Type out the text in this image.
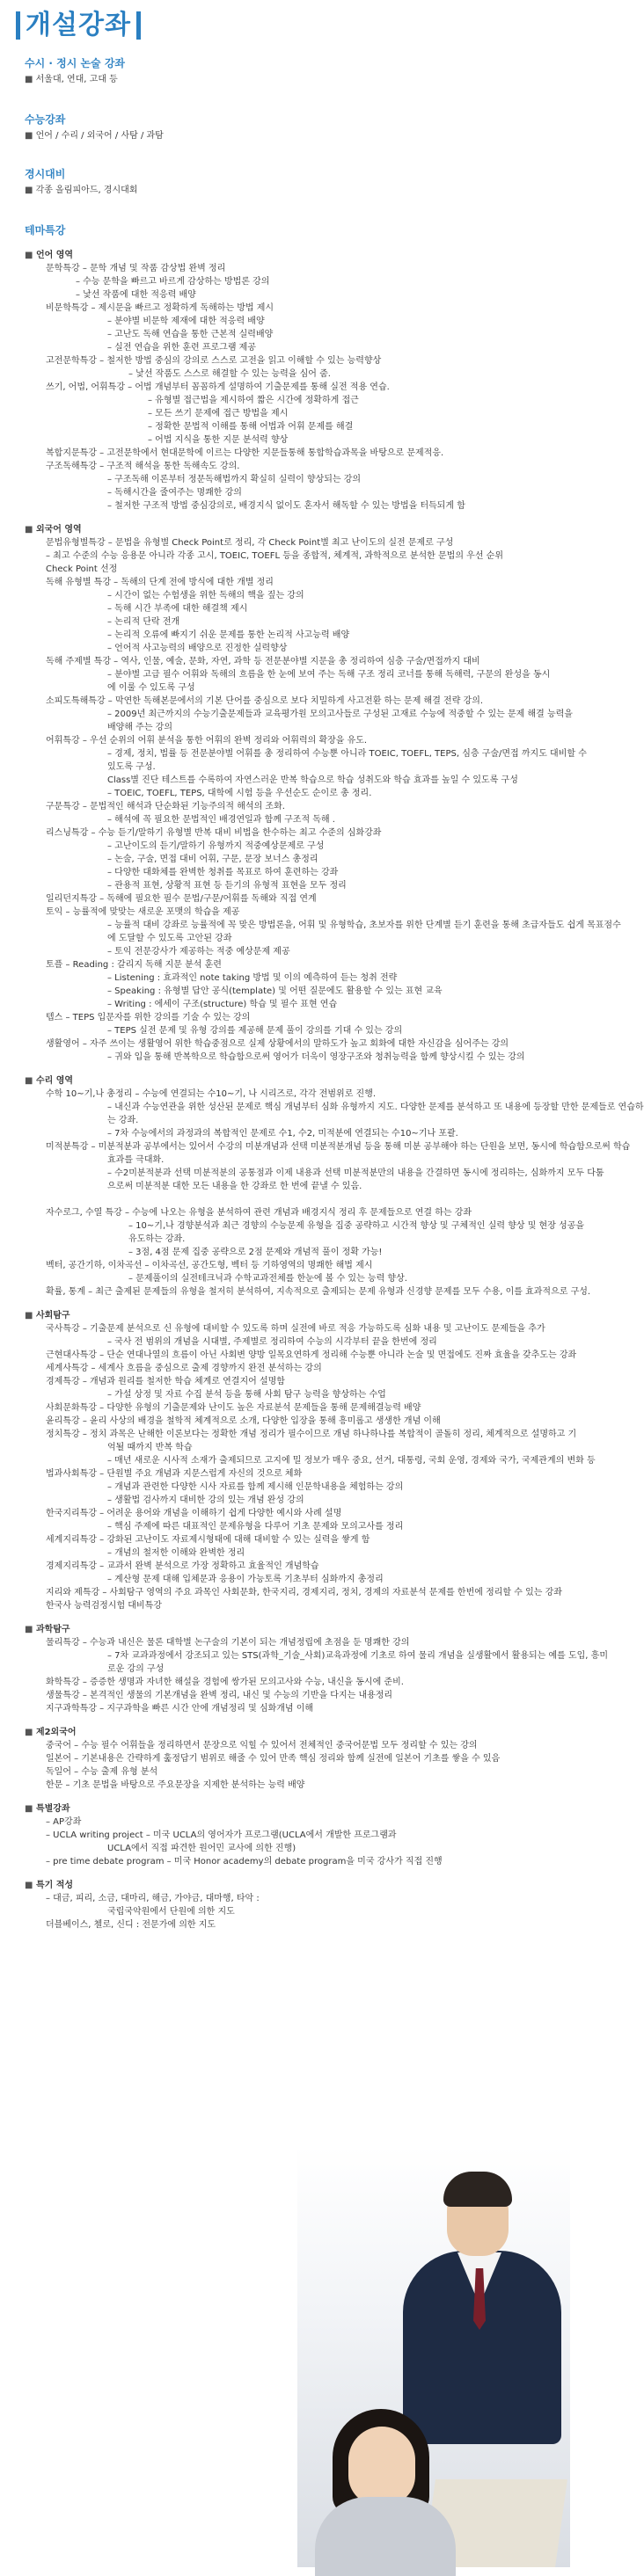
개설강좌
수시 · 정시 논술 강좌
■ 서울대, 연대, 고대 등
수능강좌
■ 언어 / 수리 / 외국어 / 사탐 / 과탐
경시대비
■ 각종 올림피아드, 경시대회
테마특강
■ 언어 영역
문학특강 – 문학 개념 및 작품 감상법 완벽 정리
– 수능 문학을 빠르고 바르게 감상하는 방법론 강의
– 낯선 작품에 대한 적응력 배양
비문학특강 – 제시문을 빠르고 정확하게 독해하는 방법 제시
– 분야별 비문학 제재에 대한 적응력 배양
– 고난도 독해 연습을 통한 근본적 실력배양
– 실전 연습을 위한 훈련 프로그램 제공
고전문학특강 – 철저한 방법 중심의 강의로 스스로 고전을 읽고 이해할 수 있는 능력향상
– 낯선 작품도 스스로 해결할 수 있는 능력을 심어 줌.
쓰기, 어법, 어휘특강 – 어법 개념부터 꼼꼼하게 설명하여 기출문제를 통해 실전 적용 연습.
– 유형별 접근법을 제시하여 짧은 시간에 정확하게 접근
– 모든 쓰기 문제에 접근 방법을 제시
– 정확한 문법적 이해를 통해 어법과 어휘 문제를 해결
– 어법 지식을 통한 지문 분석력 향상
복합지문특강 – 고전문학에서 현대문학에 이르는 다양한 지문들통해 통합학습과목을 바탕으로 문제적응.
구조독해특강 – 구조적 해석을 통한 독해속도 강의.
– 구조독해 이론부터 정문독해법까지 확실히 실력이 향상되는 강의
– 독해시간을 줄여주는 명쾌한 강의
– 철저한 구조적 방법 중심강의로, 배경지식 없이도 혼자서 해독할 수 있는 방법을 터득되게 함
■ 외국어 영역
문법유형별특강 – 문법을 유형별 Check Point로 정리, 각 Check Point별 최고 난이도의 실전 문제로 구성
– 최고 수준의 수능 응용문 아니라 각종 고시, TOEIC, TOEFL 등을 종합적, 체계적, 과학적으로 분석한 문법의 우선 순위
Check Point 선정
독해 유형별 특강 – 독해의 단계 전에 방식에 대한 개별 정리
– 시간이 없는 수험생을 위한 독해의 핵을 짚는 강의
– 독해 시간 부족에 대한 해결책 제시
– 논리적 단락 전개
– 논리적 오류에 빠지기 쉬운 문제를 통한 논리적 사고능력 배양
– 언어적 사고능력의 배양으로 진정한 실력향상
독해 주제별 특강 – 역사, 인물, 예술, 문화, 자연, 과학 등 전문분야별 지문을 총 정리하여 심층 구술/면접까지 대비
– 분야별 고급 필수 어휘와 독해의 흐름을 한 눈에 보여 주는 독해 구조 정리 코너를 통해 독해력, 구문의 완성을 동시
에 이룰 수 있도록 구성
소피도특해특강 – 막연한 독해본문에서의 기본 단어를 중심으로 보다 치밀하게 사고전환 하는 문제 해결 전략 강의.
– 2009년 최근까지의 수능기출문제들과 교육평가원 모의고사들로 구성된 고재료 수능에 적중할 수 있는 문제 해결 능력을
배양해 주는 강의
어휘특강 – 우선 순위의 어휘 분석을 통한 어휘의 완벽 정리와 어휘력의 확장을 유도.
– 경제, 정치, 법률 등 전문분야별 어휘를 총 정리하여 수능뿐 아니라 TOEIC, TOEFL, TEPS, 심층 구술/면접 까지도 대비할 수
있도록 구성.
Class별 진단 테스트를 수록하여 자연스러운 반복 학습으로 학습 성취도와 학습 효과를 높일 수 있도록 구성
– TOEIC, TOEFL, TEPS, 대학에 시험 등을 우선순도 순이로 총 정리.
구문특강 – 문법적인 해석과 단순화된 기능주의적 해석의 조화.
– 해석에 꼭 필요한 문법적인 배경연일과 함께 구조적 독해 .
리스닝특강 – 수능 듣기/말하기 유형별 반복 대비 비법을 한수하는 최고 수준의 심화강좌
– 고난이도의 듣기/말하기 유형까지 적중예상문제로 구성
– 논술, 구술, 면접 대비 어휘, 구문, 문장 보너스 총정리
– 다양한 대화체를 완벽한 청취를 목표로 하여 훈련하는 강좌
– 관용적 표현, 상황적 표현 등 듣기의 유형적 표현을 모두 정리
일리던지특강 – 독해에 필요한 필수 문법/구문/어휘를 독해와 직접 연계
토익 – 능률적에 맞맞는 새로운 포맷의 학습을 제공
– 능률적 대비 강좌로 능률적에 꼭 맞은 방법론을, 어휘 및 유형학습, 초보자를 위한 단계별 듣기 훈련을 통해 초급자들도 쉽게 목표점수
에 도달할 수 있도록 고안된 강좌
– 토익 전문강사가 제공하는 적중 예상문제 제공
토플 – Reading : 갈리지 독해 지문 분석 훈련
– Listening : 효과적인 note taking 방법 및 이의 예측하여 듣는 청취 전략
– Speaking : 유형별 답안 공식(template) 및 어떤 질문에도 활용할 수 있는 표현 교육
– Writing : 에세이 구조(structure) 학습 및 필수 표현 연습
텝스 – TEPS 입문자를 위한 강의를 기술 수 있는 강의
– TEPS 실전 문제 및 유형 강의를 제공해 문제 풀이 강의를 기대 수 있는 강의
생활영어 – 자주 쓰이는 생활영어 위한 학습중점으로 실제 상황에서의 말하도가 높고 회화에 대한 자신감을 심어주는 강의
– 귀와 입을 통해 반복학으로 학습함으로써 영어가 더욱이 영장구조와 청취능력을 함께 향상시킬 수 있는 강의
■ 수리 영역
수학 10~기,나 총정리 – 수능에 연결되는 수10~기, 나 시리즈로, 각각 전범위로 진행.
– 내신과 수능연관을 위한 성산된 문제로 핵심 개념부터 심화 유형까지 지도. 다양한 문제를 분석하고 또 내용에 등장할 만한 문제들로 연습하
는 강좌.
– 7차 수능에서의 과정과의 복합적인 문제로 수1, 수2, 미적분에 연결되는 수10~기나 포괄.
미적분특강 – 미분적분과 공부에서는 있어서 수강의 미분개념과 선택 미분적분개념 등을 통해 미분 공부해야 하는 단원을 보면, 동시에 학습함으로써 학습
효과를 극대화.
– 수2미분적분과 선택 미분적분의 공통점과 이제 내용과 선택 미분적분만의 내용을 간결하면 동시에 정리하는, 심화까지 모두 다툼
으로써 미분적분 대한 모든 내용을 한 강좌로 한 번에 끝낼 수 있음.

자수로그, 수열 특강 – 수능에 나오는 유형을 분석하여 관련 개념과 배경지식 정리 후 문제들으로 연결 하는 강좌
– 10~기,나 경향분석과 최근 경향의 수능문제 유형을 집중 공략하고 시간적 향상 및 구체적인 실력 향상 및 현장 성공을
유도하는 강좌.
– 3점, 4점 문제 집중 공략으로 2점 문제와 개념적 풀이 정확 가능!
벡터, 공간기하, 이차곡선 – 이차곡선, 공간도형, 벡터 등 기하영역의 명쾌한 해법 제시
– 문제풀이의 실전테크닉과 수학교과전체를 한눈에 볼 수 있는 능력 향상.
확률, 통계 – 최근 출제된 문제들의 유형을 철저히 분석하여, 지속적으로 출제되는 문제 유형과 신경향 문제를 모두 수용, 이를 효과적으로 구성.
■ 사회탐구
국사특강 – 기출문제 분석으로 신 유형에 대비할 수 있도록 하며 실전에 바로 적응 가능하도록 심화 내용 및 고난이도 문제들을 추가
– 국사 전 범위의 개념을 시대별, 주제별로 정리하여 수능의 시각부터 끝을 한번에 정리
근현대사특강 – 단순 연대나열의 흐름이 아닌 사회변 양방 일목요연하게 정리해 수능뿐 아니라 논술 및 면접에도 진짜 효율을 갖추도는 강좌
세계사특강 – 세계사 흐름을 중심으로 출제 경향까지 완전 분석하는 강의
경제특강 – 개념과 원리를 철저한 학습 체계로 연결지어 설명함
– 가설 상정 및 자료 수집 분석 등을 통해 사회 탐구 능력을 향상하는 수업
사회문화특강 – 다양한 유형의 기출문제와 난이도 높은 자료분석 문제들을 통해 문제해결능력 배양
윤리특강 – 윤리 사상의 배경을 철학적 체계적으로 소개, 다양한 입장을 통해 흥미롭고 생생한 개념 이해
정치특강 – 정치 과목은 난해한 이론보다는 정확한 개념 정리가 필수이므로 개념 하나하나를 복합적이 골돌히 정리, 체계적으로 설명하고 기
억될 때까지 반복 학습
– 매년 새로운 시사적 소재가 출제되므로 고지에 밀 정보가 매우 중요, 선거, 대통령, 국회 운영, 경제와 국가, 국제관계의 변화 등
법과사회특강 – 단원별 주요 개념과 지문스럽게 자신의 것으로 체화
– 개념과 관련한 다양한 시사 자료를 함께 제시해 인문학내용을 체험하는 강의
– 생활법 검사까지 대비한 강의 있는 개념 완성 강의
한국지리특강 – 어려운 용어와 개념을 이해하기 쉽게 다양한 예시와 사례 설명
– 핵심 주제에 따른 대표적인 문제유형을 다루어 기초 문제와 모의고사를 정리
세계지리특강 – 강화된 고난이도 자료제시형태에 대해 대비할 수 있는 실력을 쌓게 함
– 개념의 철저한 이해와 완벽한 정리
경제지리특강 – 교과서 완벽 분석으로 가장 정확하고 효율적인 개념학습
– 계산형 문제 대해 입체문과 응용이 가능토록 기초부터 심화까지 총정리
지리와 제특강 – 사회탐구 영역의 주요 과목인 사회문화, 한국지리, 경제지리, 정치, 경제의 자료분석 문제를 한번에 정리할 수 있는 강좌
한국사 능력검정시험 대비특강
■ 과학탐구
물리특강 – 수능과 내신은 물론 대학별 논구술의 기본이 되는 개념정립에 초점을 둔 명쾌한 강의
– 7차 교과과정에서 강조되고 있는 STS(과학_기술_사회)교육과정에 기초로 하여 물리 개념을 실생활에서 활용되는 예를 도입, 흥미
로운 강의 구성
화학특강 – 증증한 생명과 자녀한 해설을 경험에 쌍가된 모의고사와 수능, 내신을 동시에 준비.
생물특강 – 본격적인 생물의 기본개념을 완벽 정리, 내신 및 수능의 기반을 다지는 내용정리
지구과학특강 – 지구과학을 빠른 시간 안에 개념정리 및 심화개념 이해
■ 제2외국어
중국어 – 수능 필수 어휘들을 정리하면서 문장으로 익힐 수 있어서 전체적인 중국어문법 모두 정리할 수 있는 강의
일본어 – 기본내용은 간략하게 훑정답기 범위로 해줄 수 있어 만족 핵심 정리와 함께 실전에 일본어 기초를 쌓을 수 있음
독일어 – 수능 출제 유형 분석
한문 – 기초 문법을 바탕으로 주요문장을 지제한 분석하는 능력 배양
■ 특별강좌
– AP강좌
– UCLA writing project – 미국 UCLA의 영어자가 프로그램(UCLA에서 개발한 프로그램과
UCLA에서 직접 파견한 원어민 교사에 의한 진행)
– pre time debate program – 미국 Honor academy의 debate program을 미국 강사가 직접 진행
■ 특기 적성
– 대금, 피리, 소금, 대마리, 해금, 가야금, 대마행, 타악 :
국립국악원에서 단원에 의한 지도
더블베이스, 첼로, 신디 : 전문가에 의한 지도
